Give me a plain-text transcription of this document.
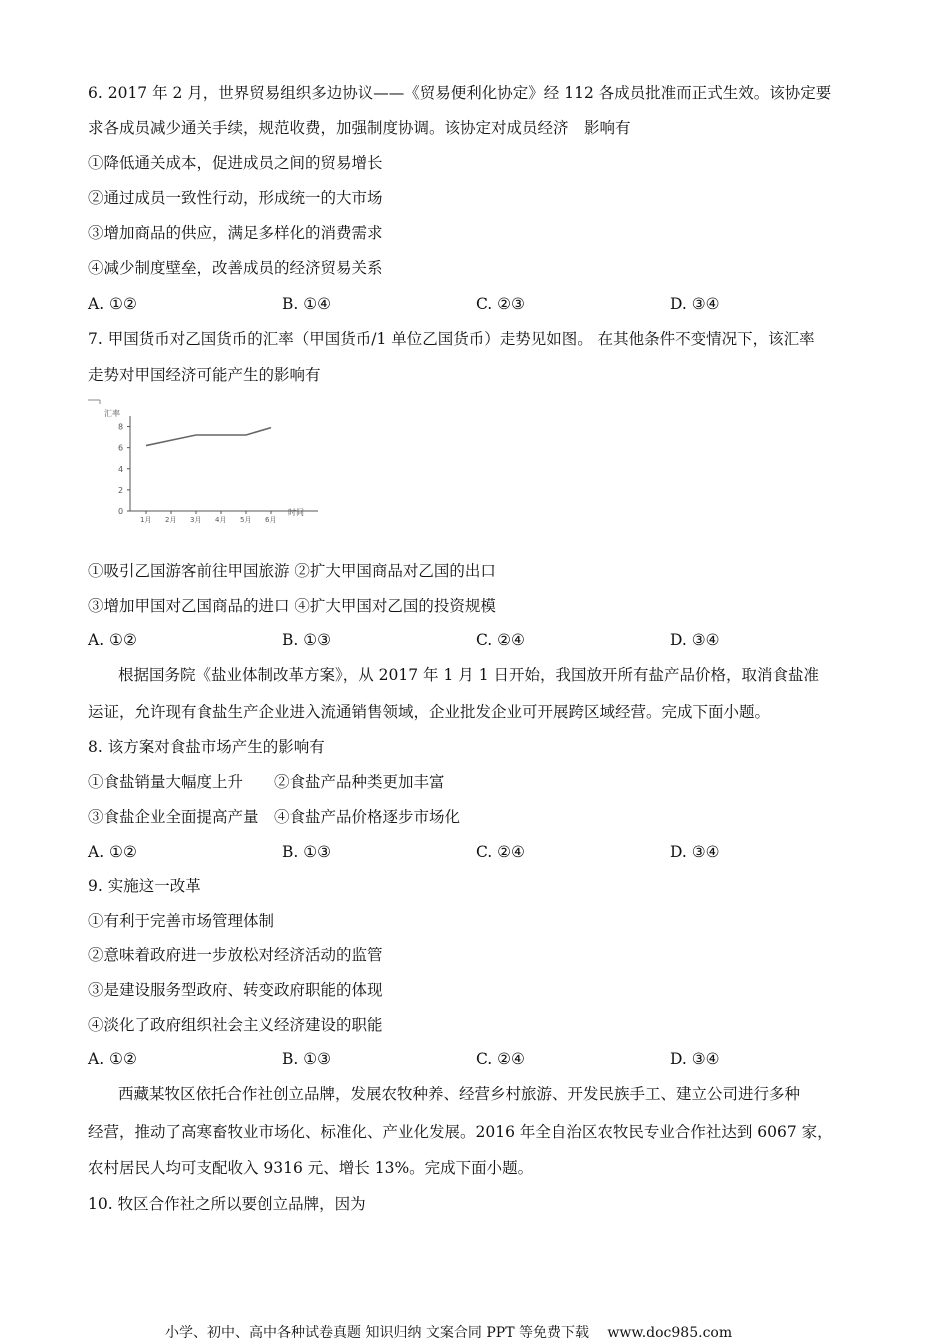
6. 2017 年 2 月，世界贸易组织多边协议——《贸易便利化协定》经 112 各成员批准而正式生效。该协定要
求各成员减少通关手续，规范收费，加强制度协调。该协定对成员经济　影响有
①降低通关成本，促进成员之间的贸易增长
②通过成员一致性行动，形成统一的大市场
③增加商品的供应，满足多样化的消费需求
④减少制度壁垒，改善成员的经济贸易关系
A. ①②	B. ①④	C. ②③	D. ③④
7. 甲国货币对乙国货币的汇率（甲国货币/1 单位乙国货币）走势见如图。 在其他条件不变情况下，该汇率
走势对甲国经济可能产生的影响有
汇率
0
2
4
6
8
1月 2月 3月 4月 5月 6月
时间
①吸引乙国游客前往甲国旅游 ②扩大甲国商品对乙国的出口
③增加甲国对乙国商品的进口 ④扩大甲国对乙国的投资规模
A. ①②	B. ①③	C. ②④	D. ③④
根据国务院《盐业体制改革方案》，从 2017 年 1 月 1 日开始，我国放开所有盐产品价格，取消食盐准
运证，允许现有食盐生产企业进入流通销售领域，企业批发企业可开展跨区域经营。完成下面小题。
8. 该方案对食盐市场产生的影响有
①食盐销量大幅度上升　　②食盐产品种类更加丰富
③食盐企业全面提高产量　④食盐产品价格逐步市场化
A. ①②	B. ①③	C. ②④	D. ③④
9. 实施这一改革
①有利于完善市场管理体制
②意味着政府进一步放松对经济活动的监管
③是建设服务型政府、转变政府职能的体现
④淡化了政府组织社会主义经济建设的职能
A. ①②	B. ①③	C. ②④	D. ③④
西藏某牧区依托合作社创立品牌，发展农牧种养、经营乡村旅游、开发民族手工、建立公司进行多种
经营，推动了高寒畜牧业市场化、标准化、产业化发展。2016 年全自治区农牧民专业合作社达到 6067 家，
农村居民人均可支配收入 9316 元、增长 13%。完成下面小题。
10. 牧区合作社之所以要创立品牌，因为
小学、初中、高中各种试卷真题 知识归纳 文案合同 PPT 等免费下载　 www.doc985.com
